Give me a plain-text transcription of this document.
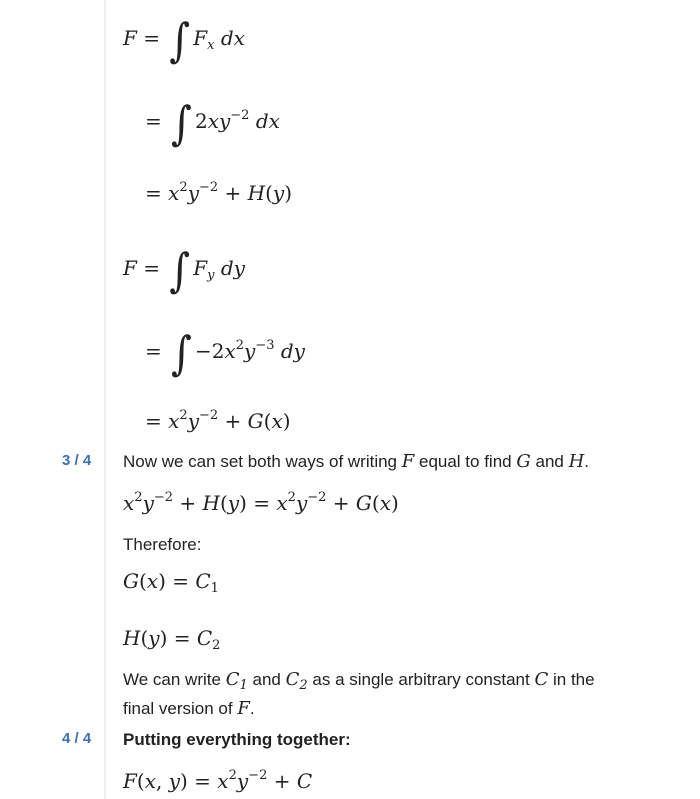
F = ∫ $F_x$ dx
= ∫ $2xy^{-2}$ dx
= $x^2y^{-2} + H(y)$
F = ∫ $F_y$ dy
= ∫ $-2x^2y^{-3}$ dy
= $x^2y^{-2} + G(x)$
3 / 4 Now we can set both ways of writing F equal to find G and H.
$x^2y^{-2} + H(y) = x^2y^{-2} + G(x)$
Therefore:
$G(x) = C_1$
$H(y) = C_2$
We can write $C_1$ and $C_2$ as a single arbitrary constant C in the
final version of F.
4 / 4 Putting everything together:
F(x, $y) = x^2y^{-2} + C$
